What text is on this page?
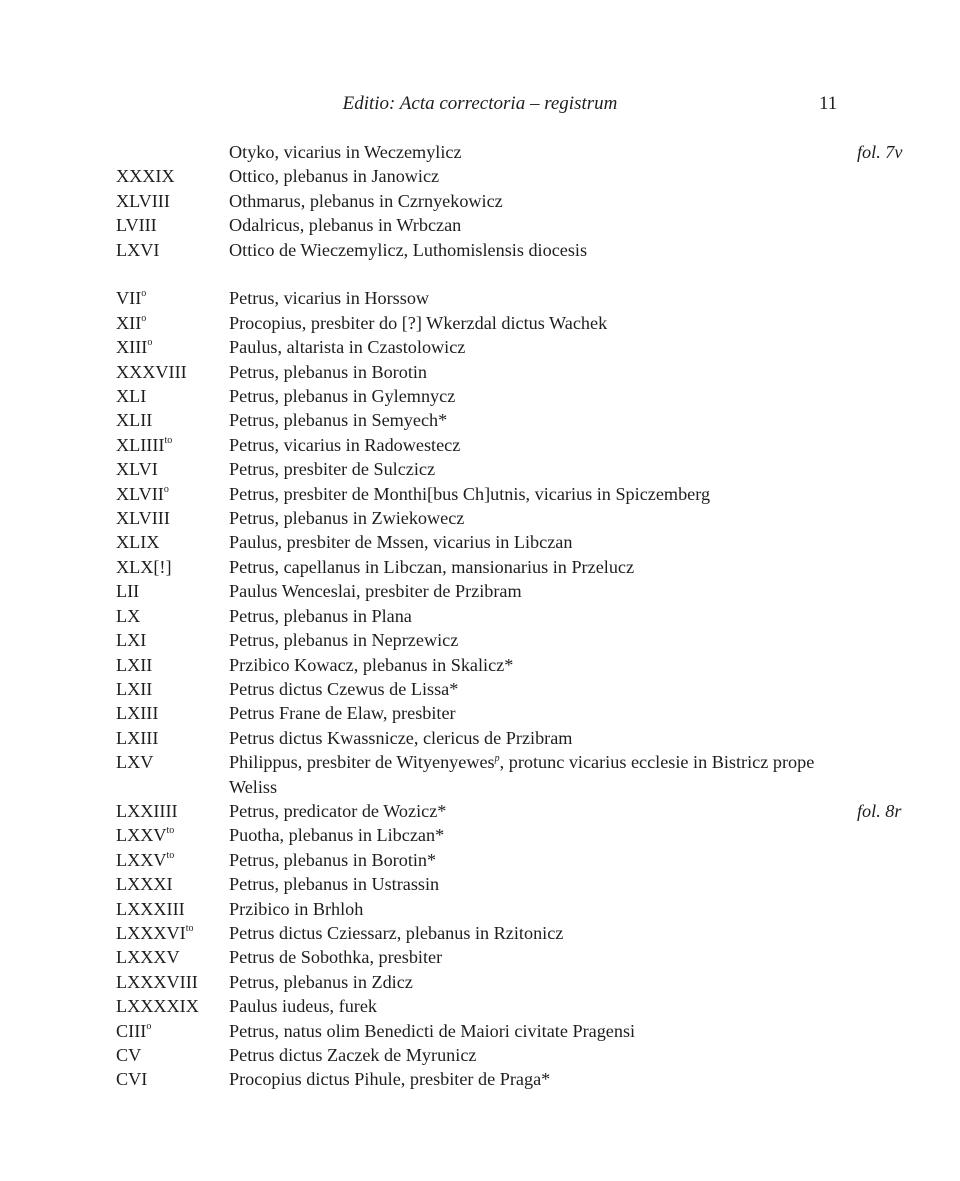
Editio: Acta correctoria – registrum	11
Otyko, vicarius in Weczemylicz	fol. 7v
XXXIX	Ottico, plebanus in Janowicz
XLVIII	Othmarus, plebanus in Czrnyekowicz
LVIII	Odalricus, plebanus in Wrbczan
LXVI	Ottico de Wieczemylicz, Luthomislensis diocesis
VII$^o$	Petrus, vicarius in Horssow
XII$^o$	Procopius, presbiter do [?] Wkerzdal dictus Wachek
XIII$^o$	Paulus, altarista in Czastolowicz
XXXVIII Petrus, plebanus in Borotin
XLI	Petrus, plebanus in Gylemnycz
XLII	Petrus, plebanus in Semyech*
$XLIIII^{to}$	Petrus, vicarius in Radowestecz
XLVI	Petrus, presbiter de Sulczicz
XLVII$^o$	Petrus, presbiter de Monthi[bus Ch]utnis, vicarius in Spiczemberg
XLVIII	Petrus, plebanus in Zwiekowecz
XLIX	Paulus, presbiter de Mssen, vicarius in Libczan
XLX[!]	Petrus, capellanus in Libczan, mansionarius in Przelucz
LII	Paulus Wenceslai, presbiter de Przibram
LX	Petrus, plebanus in Plana
LXI	Petrus, plebanus in Neprzewicz
LXII	Przibico Kowacz, plebanus in Skalicz*
LXII	Petrus dictus Czewus de Lissa*
LXIII	Petrus Frane de Elaw, presbiter
LXIII	Petrus dictus Kwassnicze, clericus de Przibram
LXV	Philippus, presbiter de Wityenyewes$^p$, protunc vicarius ecclesie in Bistricz prope Weliss
LXXIIII	Petrus, predicator de Wozicz*	fol. 8r
$LXXV^{to}$	Puotha, plebanus in Libczan*
$LXXV^{to}$	Petrus, plebanus in Borotin*
LXXXI	Petrus, plebanus in Ustrassin
LXXXIII Przibico in Brhloh
$LXXXVI^{to}$ Petrus dictus Cziessarz, plebanus in Rzitonicz
LXXXV	Petrus de Sobothka, presbiter
LXXXVIII Petrus, plebanus in Zdicz
LXXXXIX Paulus iudeus, furek
CIII$^o$	Petrus, natus olim Benedicti de Maiori civitate Pragensi
CV	Petrus dictus Zaczek de Myrunicz
CVI	Procopius dictus Pihule, presbiter de Praga*
